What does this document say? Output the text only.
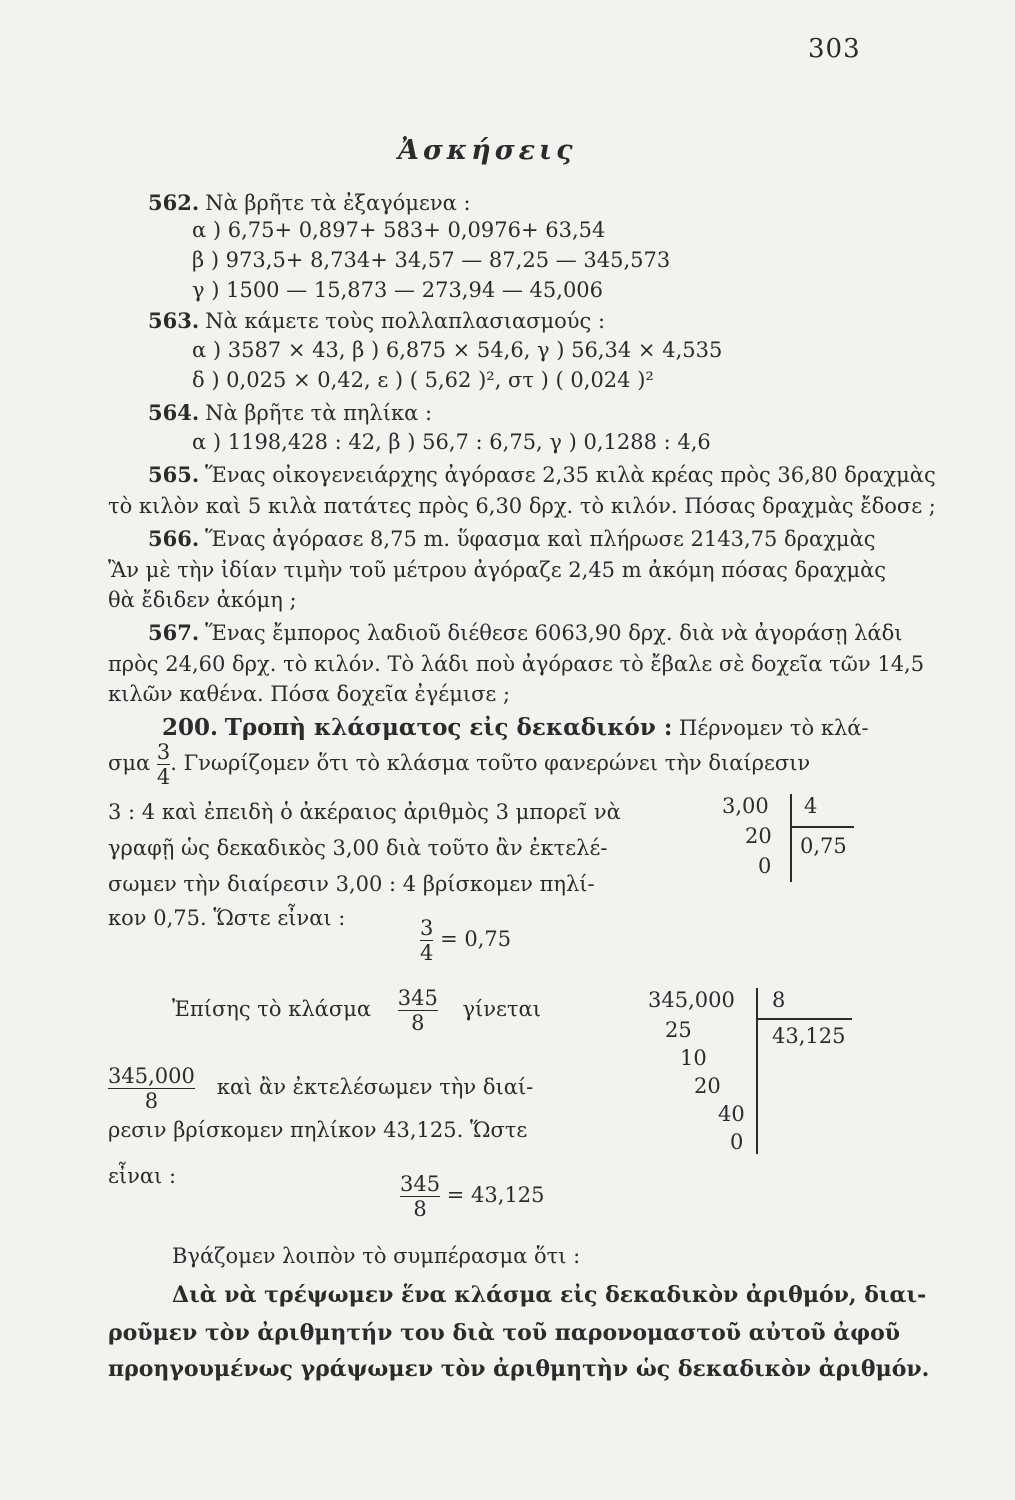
303
Ἀσκήσεις
562. Νὰ βρῆτε τὰ ἐξαγόμενα :
α ) 6,75+ 0,897+ 583+ 0,0976+ 63,54
β ) 973,5+ 8,734+ 34,57 — 87,25 — 345,573
γ ) 1500 — 15,873 — 273,94 — 45,006
563. Νὰ κάμετε τοὺς πολλαπλασιασμούς :
α ) 3587 × 43, β ) 6,875 × 54,6, γ ) 56,34 × 4,535
δ ) 0,025 × 0,42, ε ) ( 5,62 )², στ ) ( 0,024 )²
564. Νὰ βρῆτε τὰ πηλίκα :
α ) 1198,428 : 42, β ) 56,7 : 6,75, γ ) 0,1288 : 4,6
565. Ἕνας οἰκογενειάρχης ἀγόρασε 2,35 κιλὰ κρέας πρὸς 36,80 δραχμὰς
τὸ κιλὸν καὶ 5 κιλὰ πατάτες πρὸς 6,30 δρχ. τὸ κιλόν. Πόσας δραχμὰς ἔδοσε ;
566. Ἕνας ἀγόρασε 8,75 m. ὕφασμα καὶ πλήρωσε 2143,75 δραχμὰς
Ἂν μὲ τὴν ἰδίαν τιμὴν τοῦ μέτρου ἀγόραζε 2,45 m ἀκόμη πόσας δραχμὰς
θὰ ἔδιδεν ἀκόμη ;
567. Ἕνας ἔμπορος λαδιοῦ διέθεσε 6063,90 δρχ. διὰ νὰ ἀγοράσῃ λάδι
πρὸς 24,60 δρχ. τὸ κιλόν. Τὸ λάδι ποὺ ἀγόρασε τὸ ἔβαλε σὲ δοχεῖα τῶν 14,5
κιλῶν καθένα. Πόσα δοχεῖα ἐγέμισε ;
200. Τροπὴ κλάσματος εἰς δεκαδικόν : Πέρνομεν τὸ κλά-
σμα $\frac{3}{4}$ . Γνωρίζομεν ὅτι τὸ κλάσμα τοῦτο φανερώνει τὴν διαίρεσιν
3 : 4 καὶ ἐπειδὴ ὁ ἀκέραιος ἀριθμὸς 3 μπορεῖ νὰ
γραφῇ ὡς δεκαδικὸς 3,00 διὰ τοῦτο ἂν ἐκτελέ-
σωμεν τὴν διαίρεσιν 3,00 : 4 βρίσκομεν πηλί-
κον 0,75. Ὥστε εἶναι :
3,00
20
0
4
0,75
$\frac{3}{4} = 0,75$
Ἐπίσης τὸ κλάσμα $\frac{345}{8}$ γίνεται	345,000
25
10
20
40
0
8
43,125
$\frac{345,000}{8}$ καὶ ἂν ἐκτελέσωμεν τὴν διαί-
ρεσιν βρίσκομεν πηλίκον 43,125. Ὥστε
εἶναι :	$\frac{345}{8} = 43,125$
Βγάζομεν λοιπὸν τὸ συμπέρασμα ὅτι :
Διὰ νὰ τρέψωμεν ἕνα κλάσμα εἰς δεκαδικὸν ἀριθμόν, διαι-
ροῦμεν τὸν ἀριθμητήν του διὰ τοῦ παρονομαστοῦ αὐτοῦ ἀφοῦ
προηγουμένως γράψωμεν τὸν ἀριθμητὴν ὡς δεκαδικὸν ἀριθμόν.
